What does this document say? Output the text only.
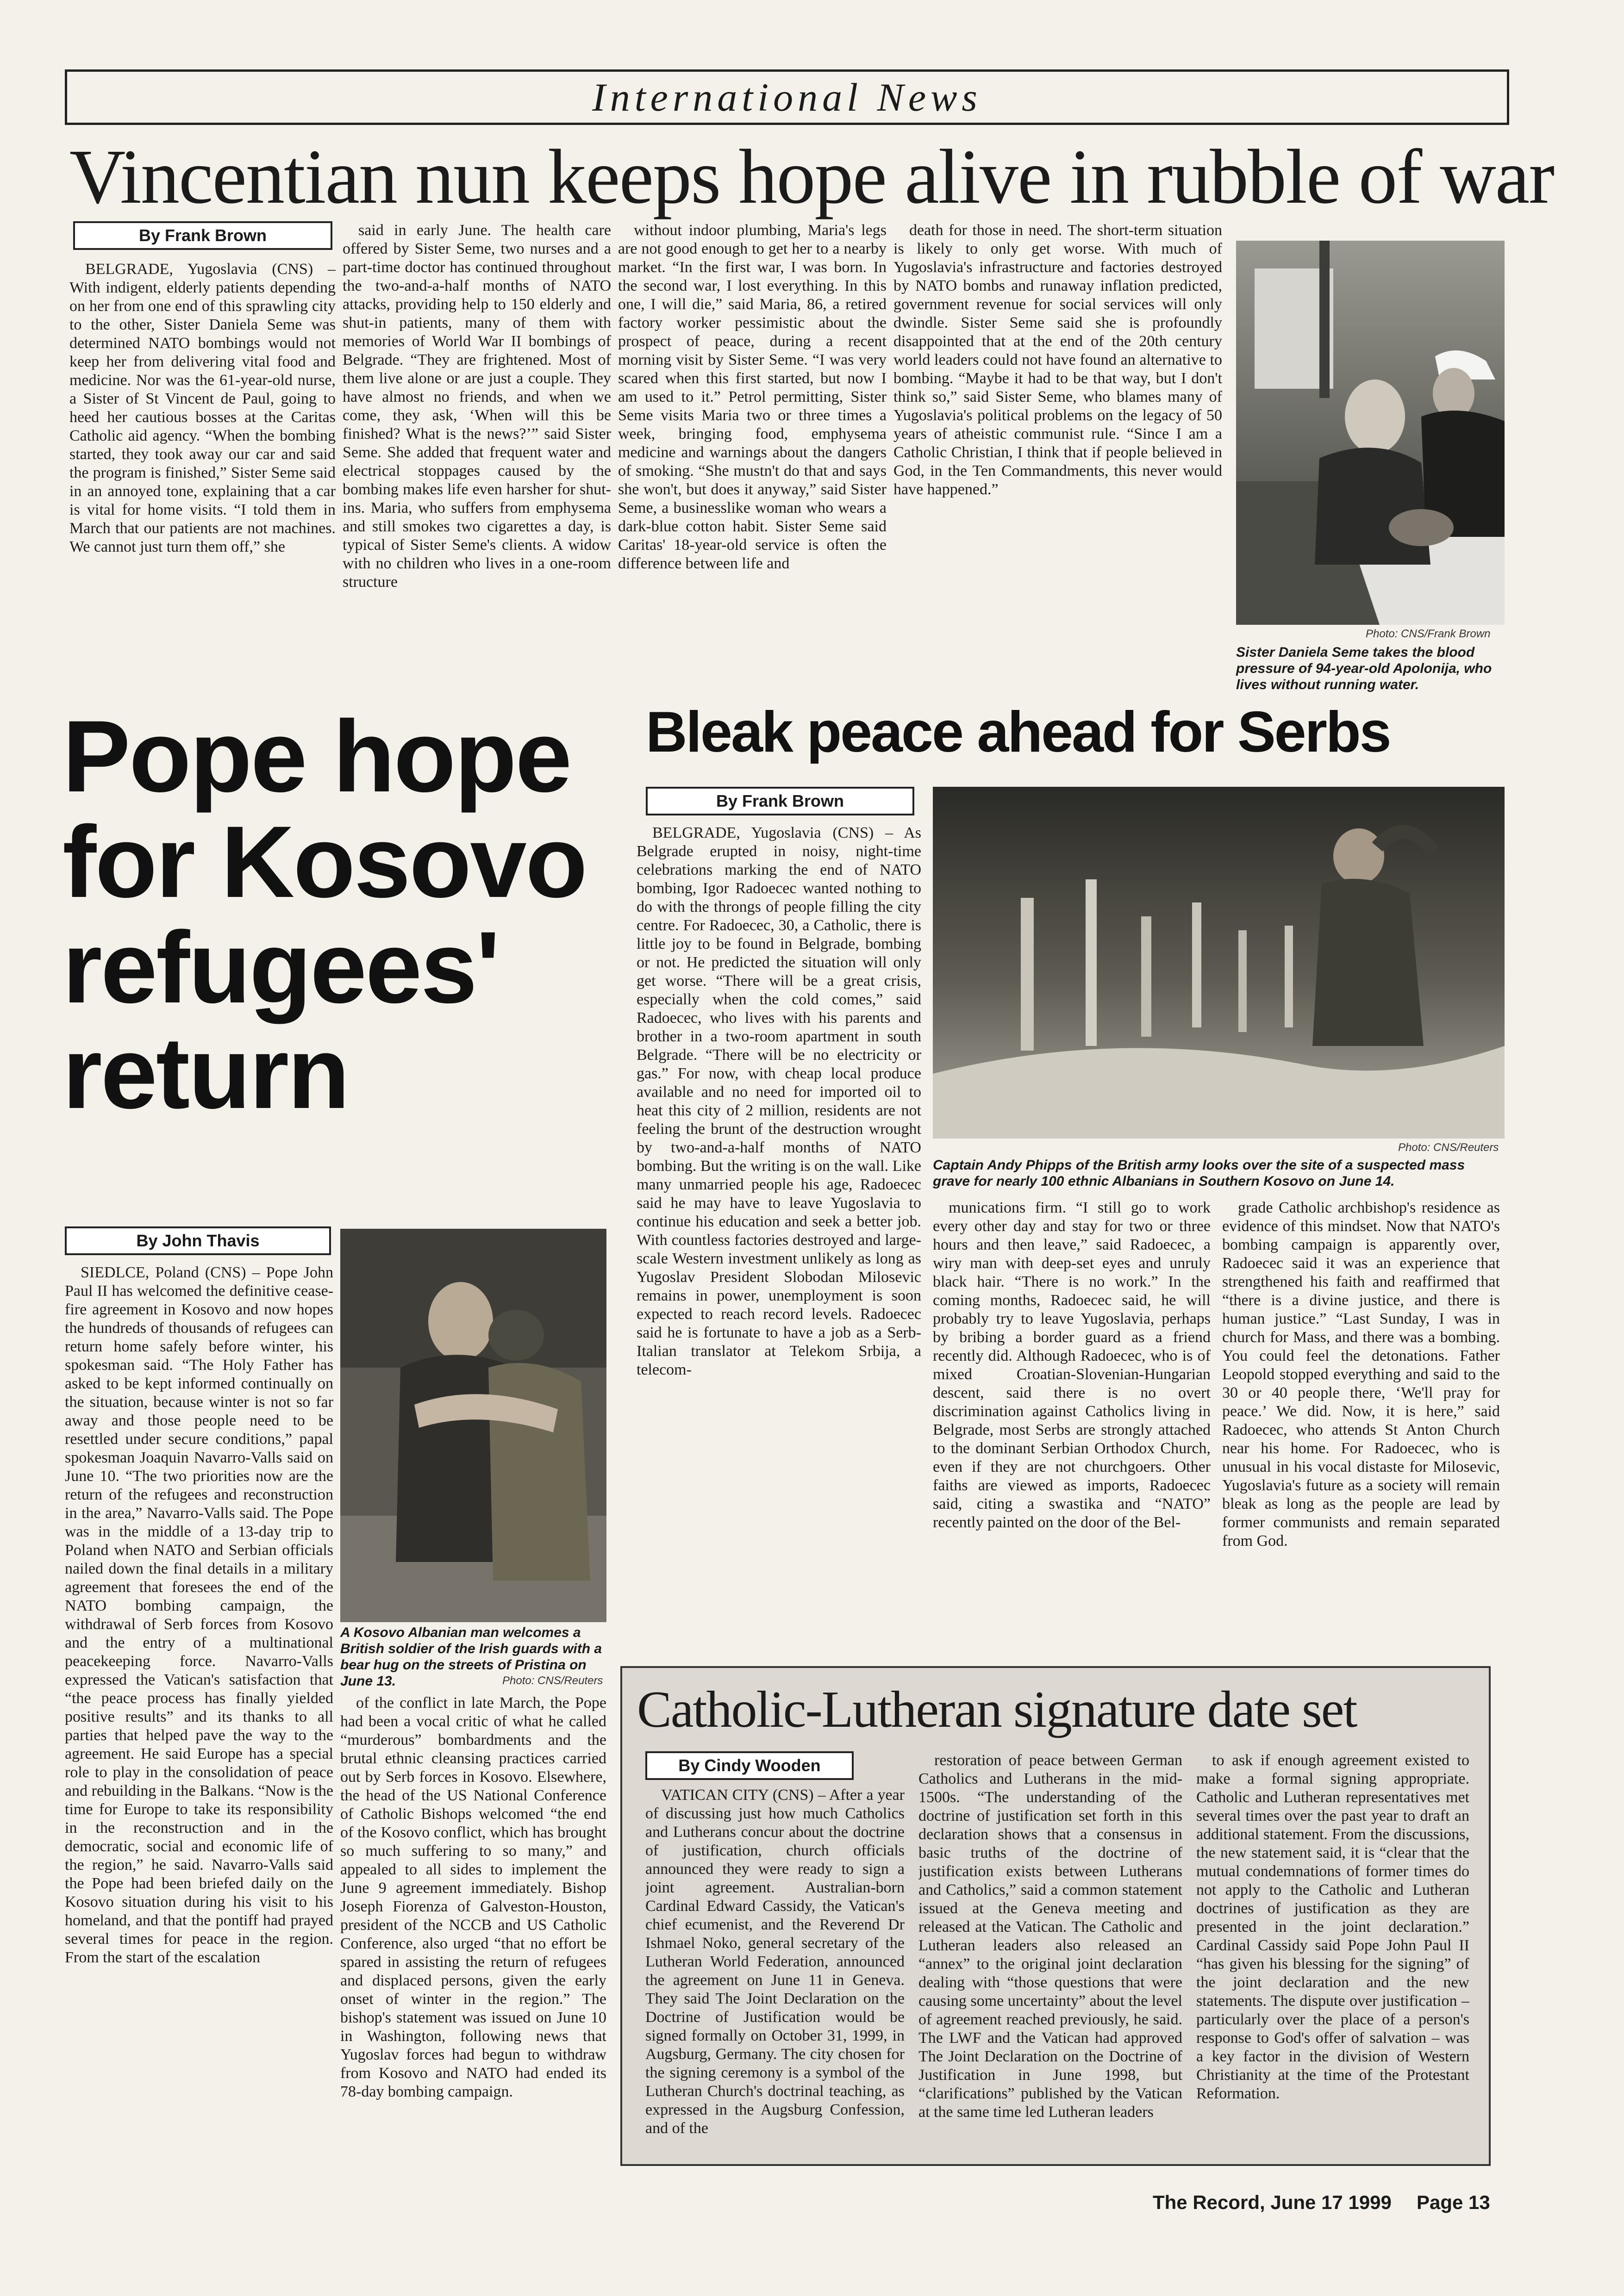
International News
Vincentian nun keeps hope alive in rubble of war
By Frank Brown

BELGRADE, Yugoslavia (CNS) – With indigent, elderly patients depending on her from one end of this sprawling city to the other, Sister Daniela Seme was determined NATO bombings would not keep her from delivering vital food and medicine. Nor was the 61-year-old nurse, a Sister of St Vincent de Paul, going to heed her cautious bosses at the Caritas Catholic aid agency. “When the bombing started, they took away our car and said the program is finished,” Sister Seme said in an annoyed tone, explaining that a car is vital for home visits. “I told them in March that our patients are not machines. We cannot just turn them off,” she

said in early June. The health care offered by Sister Seme, two nurses and a part-time doctor has continued throughout the two-and-a-half months of NATO attacks, providing help to 150 elderly and shut-in patients, many of them with memories of World War II bombings of Belgrade. “They are frightened. Most of them live alone or are just a couple. They have almost no friends, and when we come, they ask, ‘When will this be finished? What is the news?’” said Sister Seme. She added that frequent water and electrical stoppages caused by the bombing makes life even harsher for shut-ins. Maria, who suffers from emphysema and still smokes two cigarettes a day, is typical of Sister Seme's clients. A widow with no children who lives in a one-room structure

without indoor plumbing, Maria's legs are not good enough to get her to a nearby market. “In the first war, I was born. In the second war, I lost everything. In this one, I will die,” said Maria, 86, a retired factory worker pessimistic about the prospect of peace, during a recent morning visit by Sister Seme. “I was very scared when this first started, but now I am used to it.” Petrol permitting, Sister Seme visits Maria two or three times a week, bringing food, emphysema medicine and warnings about the dangers of smoking. “She mustn't do that and says she won't, but does it anyway,” said Sister Seme, a businesslike woman who wears a dark-blue cotton habit. Sister Seme said Caritas' 18-year-old service is often the difference between life and

death for those in need. The short-term situation is likely to only get worse. With much of Yugoslavia's infrastructure and factories destroyed by NATO bombs and runaway inflation predicted, government revenue for social services will only dwindle. Sister Seme said she is profoundly disappointed that at the end of the 20th century world leaders could not have found an alternative to bombing. “Maybe it had to be that way, but I don't think so,” said Sister Seme, who blames many of Yugoslavia's political problems on the legacy of 50 years of atheistic communist rule. “Since I am a Catholic Christian, I think that if people believed in God, in the Ten Commandments, this never would have happened.”

Photo: CNS/Frank Brown
Sister Daniela Seme takes the blood pressure of 94-year-old Apolonija, who lives without running water.
Pope hope for Kosovo refugees' return
By John Thavis

SIEDLCE, Poland (CNS) – Pope John Paul II has welcomed the definitive cease-fire agreement in Kosovo and now hopes the hundreds of thousands of refugees can return home safely before winter, his spokesman said. “The Holy Father has asked to be kept informed continually on the situation, because winter is not so far away and those people need to be resettled under secure conditions,” papal spokesman Joaquin Navarro-Valls said on June 10. “The two priorities now are the return of the refugees and reconstruction in the area,” Navarro-Valls said. The Pope was in the middle of a 13-day trip to Poland when NATO and Serbian officials nailed down the final details in a military agreement that foresees the end of the NATO bombing campaign, the withdrawal of Serb forces from Kosovo and the entry of a multinational peacekeeping force. Navarro-Valls expressed the Vatican's satisfaction that “the peace process has finally yielded positive results” and its thanks to all parties that helped pave the way to the agreement. He said Europe has a special role to play in the consolidation of peace and rebuilding in the Balkans. “Now is the time for Europe to take its responsibility in the reconstruction and in the democratic, social and economic life of the region,” he said. Navarro-Valls said the Pope had been briefed daily on the Kosovo situation during his visit to his homeland, and that the pontiff had prayed several times for peace in the region. From the start of the escalation

A Kosovo Albanian man welcomes a British soldier of the Irish guards with a bear hug on the streets of Pristina on June 13.	Photo: CNS/Reuters

of the conflict in late March, the Pope had been a vocal critic of what he called “murderous” bombardments and the brutal ethnic cleansing practices carried out by Serb forces in Kosovo. Elsewhere, the head of the US National Conference of Catholic Bishops welcomed “the end of the Kosovo conflict, which has brought so much suffering to so many,” and appealed to all sides to implement the June 9 agreement immediately. Bishop Joseph Fiorenza of Galveston-Houston, president of the NCCB and US Catholic Conference, also urged “that no effort be spared in assisting the return of refugees and displaced persons, given the early onset of winter in the region.” The bishop's statement was issued on June 10 in Washington, following news that Yugoslav forces had begun to withdraw from Kosovo and NATO had ended its 78-day bombing campaign.

Bleak peace ahead for Serbs
By Frank Brown

BELGRADE, Yugoslavia (CNS) – As Belgrade erupted in noisy, night-time celebrations marking the end of NATO bombing, Igor Radoecec wanted nothing to do with the throngs of people filling the city centre. For Radoecec, 30, a Catholic, there is little joy to be found in Belgrade, bombing or not. He predicted the situation will only get worse. “There will be a great crisis, especially when the cold comes,” said Radoecec, who lives with his parents and brother in a two-room apartment in south Belgrade. “There will be no electricity or gas.” For now, with cheap local produce available and no need for imported oil to heat this city of 2 million, residents are not feeling the brunt of the destruction wrought by two-and-a-half months of NATO bombing. But the writing is on the wall. Like many unmarried people his age, Radoecec said he may have to leave Yugoslavia to continue his education and seek a better job. With countless factories destroyed and large-scale Western investment unlikely as long as Yugoslav President Slobodan Milosevic remains in power, unemployment is soon expected to reach record levels. Radoecec said he is fortunate to have a job as a Serb-Italian translator at Telekom Srbija, a telecom-

Photo: CNS/Reuters
Captain Andy Phipps of the British army looks over the site of a suspected mass grave for nearly 100 ethnic Albanians in Southern Kosovo on June 14.

munications firm. “I still go to work every other day and stay for two or three hours and then leave,” said Radoecec, a wiry man with deep-set eyes and unruly black hair. “There is no work.” In the coming months, Radoecec said, he will probably try to leave Yugoslavia, perhaps by bribing a border guard as a friend recently did. Although Radoecec, who is of mixed Croatian-Slovenian-Hungarian descent, said there is no overt discrimination against Catholics living in Belgrade, most Serbs are strongly attached to the dominant Serbian Orthodox Church, even if they are not churchgoers. Other faiths are viewed as imports, Radoecec said, citing a swastika and “NATO” recently painted on the door of the Bel-

grade Catholic archbishop's residence as evidence of this mindset. Now that NATO's bombing campaign is apparently over, Radoecec said it was an experience that strengthened his faith and reaffirmed that “there is a divine justice, and there is human justice.” “Last Sunday, I was in church for Mass, and there was a bombing. You could feel the detonations. Father Leopold stopped everything and said to the 30 or 40 people there, ‘We'll pray for peace.’ We did. Now, it is here,” said Radoecec, who attends St Anton Church near his home. For Radoecec, who is unusual in his vocal distaste for Milosevic, Yugoslavia's future as a society will remain bleak as long as the people are lead by former communists and remain separated from God.

Catholic-Lutheran signature date set
By Cindy Wooden

VATICAN CITY (CNS) – After a year of discussing just how much Catholics and Lutherans concur about the doctrine of justification, church officials announced they were ready to sign a joint agreement. Australian-born Cardinal Edward Cassidy, the Vatican's chief ecumenist, and the Reverend Dr Ishmael Noko, general secretary of the Lutheran World Federation, announced the agreement on June 11 in Geneva. They said The Joint Declaration on the Doctrine of Justification would be signed formally on October 31, 1999, in Augsburg, Germany. The city chosen for the signing ceremony is a symbol of the Lutheran Church's doctrinal teaching, as expressed in the Augsburg Confession, and of the

restoration of peace between German Catholics and Lutherans in the mid-1500s. “The understanding of the doctrine of justification set forth in this declaration shows that a consensus in basic truths of the doctrine of justification exists between Lutherans and Catholics,” said a common statement issued at the Geneva meeting and released at the Vatican. The Catholic and Lutheran leaders also released an “annex” to the original joint declaration dealing with “those questions that were causing some uncertainty” about the level of agreement reached previously, he said. The LWF and the Vatican had approved The Joint Declaration on the Doctrine of Justification in June 1998, but “clarifications” published by the Vatican at the same time led Lutheran leaders

to ask if enough agreement existed to make a formal signing appropriate. Catholic and Lutheran representatives met several times over the past year to draft an additional statement. From the discussions, the new statement said, it is “clear that the mutual condemnations of former times do not apply to the Catholic and Lutheran doctrines of justification as they are presented in the joint declaration.” Cardinal Cassidy said Pope John Paul II “has given his blessing for the signing” of the joint declaration and the new statements. The dispute over justification – particularly over the place of a person's response to God's offer of salvation – was a key factor in the division of Western Christianity at the time of the Protestant Reformation.

The Record, June 17 1999 Page 13
